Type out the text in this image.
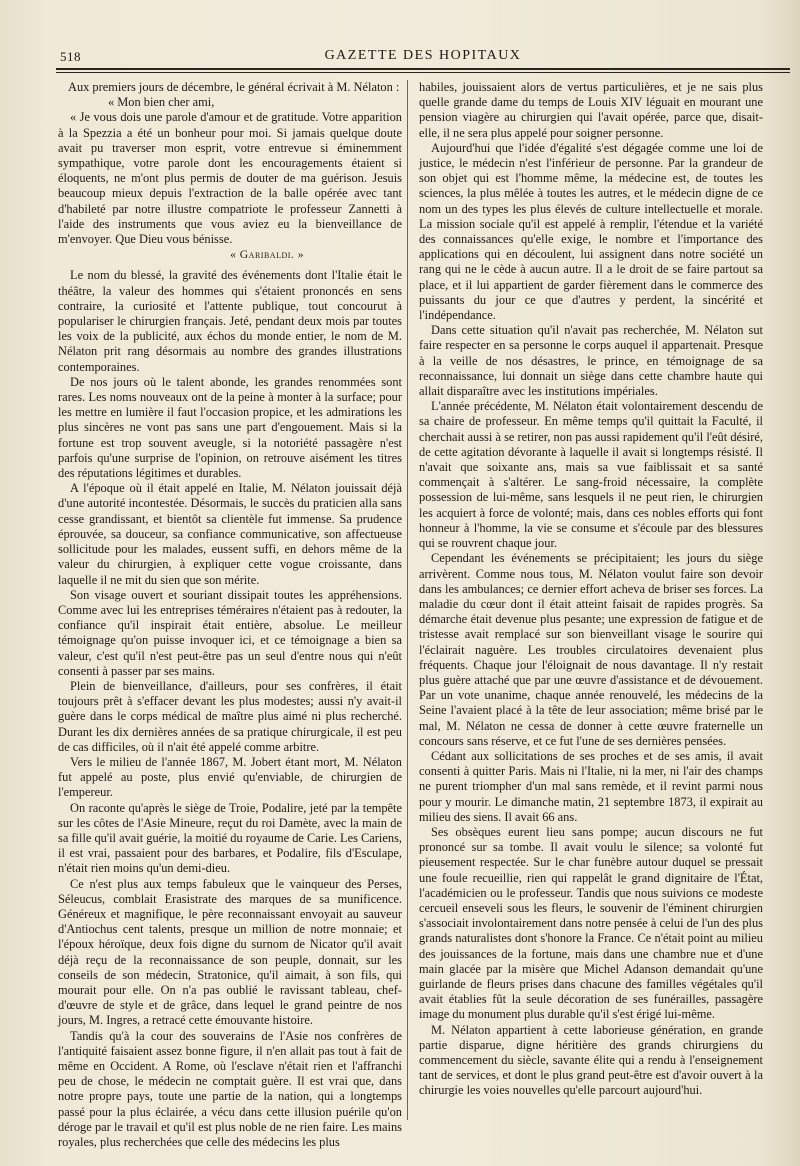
518	GAZETTE DES HOPITAUX

Aux premiers jours de décembre, le général écrivait à M. Nélaton :

« Mon bien cher ami,

« Je vous dois une parole d'amour et de gratitude. Votre apparition à la Spezzia a été un bonheur pour moi. Si jamais quelque doute avait pu traverser mon esprit, votre entrevue si éminemment sympathique, votre parole dont les encouragements étaient si éloquents, ne m'ont plus permis de douter de ma guérison. Jesuis beaucoup mieux depuis l'extraction de la balle opérée avec tant d'habileté par notre illustre compatriote le professeur Zannetti à l'aide des instruments que vous aviez eu la bienveillance de m'envoyer. Que Dieu vous bénisse.

« Garibaldi. »

Le nom du blessé, la gravité des événements dont l'Italie était le théâtre, la valeur des hommes qui s'étaient prononcés en sens contraire, la curiosité et l'attente publique, tout concourut à populariser le chirurgien français. Jeté, pendant deux mois par toutes les voix de la publicité, aux échos du monde entier, le nom de M. Nélaton prit rang désormais au nombre des grandes illustrations contemporaines.

De nos jours où le talent abonde, les grandes renommées sont rares. Les noms nouveaux ont de la peine à monter à la surface; pour les mettre en lumière il faut l'occasion propice, et les admirations les plus sincères ne vont pas sans une part d'engouement. Mais si la fortune est trop souvent aveugle, si la notoriété passagère n'est parfois qu'une surprise de l'opinion, on retrouve aisément les titres des réputations légitimes et durables.

A l'époque où il était appelé en Italie, M. Nélaton jouissait déjà d'une autorité incontestée. Désormais, le succès du praticien alla sans cesse grandissant, et bientôt sa clientèle fut immense. Sa prudence éprouvée, sa douceur, sa confiance communicative, son affectueuse sollicitude pour les malades, eussent suffi, en dehors même de la valeur du chirurgien, à expliquer cette vogue croissante, dans laquelle il ne mit du sien que son mérite.

Son visage ouvert et souriant dissipait toutes les appréhensions. Comme avec lui les entreprises téméraires n'étaient pas à redouter, la confiance qu'il inspirait était entière, absolue. Le meilleur témoignage qu'on puisse invoquer ici, et ce témoignage a bien sa valeur, c'est qu'il n'est peut-être pas un seul d'entre nous qui n'eût consenti à passer par ses mains.

Plein de bienveillance, d'ailleurs, pour ses confrères, il était toujours prêt à s'effacer devant les plus modestes; aussi n'y avait-il guère dans le corps médical de maître plus aimé ni plus recherché. Durant les dix dernières années de sa pratique chirurgicale, il est peu de cas difficiles, où il n'ait été appelé comme arbitre.

Vers le milieu de l'année 1867, M. Jobert étant mort, M. Nélaton fut appelé au poste, plus envié qu'enviable, de chirurgien de l'empereur.

On raconte qu'après le siège de Troie, Podalire, jeté par la tempête sur les côtes de l'Asie Mineure, reçut du roi Damète, avec la main de sa fille qu'il avait guérie, la moitié du royaume de Carie. Les Cariens, il est vrai, passaient pour des barbares, et Podalire, fils d'Esculape, n'était rien moins qu'un demi-dieu.

Ce n'est plus aux temps fabuleux que le vainqueur des Perses, Séleucus, comblait Erasistrate des marques de sa munificence. Généreux et magnifique, le père reconnaissant envoyait au sauveur d'Antiochus cent talents, presque un million de notre monnaie; et l'époux héroïque, deux fois digne du surnom de Nicator qu'il avait déjà reçu de la reconnaissance de son peuple, donnait, sur les conseils de son médecin, Stratonice, qu'il aimait, à son fils, qui mourait pour elle. On n'a pas oublié le ravissant tableau, chef-d'œuvre de style et de grâce, dans lequel le grand peintre de nos jours, M. Ingres, a retracé cette émouvante histoire.

Tandis qu'à la cour des souverains de l'Asie nos confrères de l'antiquité faisaient assez bonne figure, il n'en allait pas tout à fait de même en Occident. A Rome, où l'esclave n'était rien et l'affranchi peu de chose, le médecin ne comptait guère. Il est vrai que, dans notre propre pays, toute une partie de la nation, qui a longtemps passé pour la plus éclairée, a vécu dans cette illusion puérile qu'on déroge par le travail et qu'il est plus noble de ne rien faire. Les mains royales, plus recherchées que celle des médecins les plus

habiles, jouissaient alors de vertus particulières, et je ne sais plus quelle grande dame du temps de Louis XIV léguait en mourant une pension viagère au chirurgien qui l'avait opérée, parce que, disait-elle, il ne sera plus appelé pour soigner personne.

Aujourd'hui que l'idée d'égalité s'est dégagée comme une loi de justice, le médecin n'est l'inférieur de personne. Par la grandeur de son objet qui est l'homme même, la médecine est, de toutes les sciences, la plus mêlée à toutes les autres, et le médecin digne de ce nom un des types les plus élevés de culture intellectuelle et morale. La mission sociale qu'il est appelé à remplir, l'étendue et la variété des connaissances qu'elle exige, le nombre et l'importance des applications qui en découlent, lui assignent dans notre société un rang qui ne le cède à aucun autre. Il a le droit de se faire partout sa place, et il lui appartient de garder fièrement dans le commerce des puissants du jour ce que d'autres y perdent, la sincérité et l'indépendance.

Dans cette situation qu'il n'avait pas recherchée, M. Nélaton sut faire respecter en sa personne le corps auquel il appartenait. Presque à la veille de nos désastres, le prince, en témoignage de sa reconnaissance, lui donnait un siège dans cette chambre haute qui allait disparaître avec les institutions impériales.

L'année précédente, M. Nélaton était volontairement descendu de sa chaire de professeur. En même temps qu'il quittait la Faculté, il cherchait aussi à se retirer, non pas aussi rapidement qu'il l'eût désiré, de cette agitation dévorante à laquelle il avait si longtemps résisté. Il n'avait que soixante ans, mais sa vue faiblissait et sa santé commençait à s'altérer. Le sang-froid nécessaire, la complète possession de lui-même, sans lesquels il ne peut rien, le chirurgien les acquiert à force de volonté; mais, dans ces nobles efforts qui font honneur à l'homme, la vie se consume et s'écoule par des blessures qui se rouvrent chaque jour.

Cependant les événements se précipitaient; les jours du siège arrivèrent. Comme nous tous, M. Nélaton voulut faire son devoir dans les ambulances; ce dernier effort acheva de briser ses forces. La maladie du cœur dont il était atteint faisait de rapides progrès. Sa démarche était devenue plus pesante; une expression de fatigue et de tristesse avait remplacé sur son bienveillant visage le sourire qui l'éclairait naguère. Les troubles circulatoires devenaient plus fréquents. Chaque jour l'éloignait de nous davantage. Il n'y restait plus guère attaché que par une œuvre d'assistance et de dévouement. Par un vote unanime, chaque année renouvelé, les médecins de la Seine l'avaient placé à la tête de leur association; même brisé par le mal, M. Nélaton ne cessa de donner à cette œuvre fraternelle un concours sans réserve, et ce fut l'une de ses dernières pensées.

Cédant aux sollicitations de ses proches et de ses amis, il avait consenti à quitter Paris. Mais ni l'Italie, ni la mer, ni l'air des champs ne purent triompher d'un mal sans remède, et il revint parmi nous pour y mourir. Le dimanche matin, 21 septembre 1873, il expirait au milieu des siens. Il avait 66 ans.

Ses obsèques eurent lieu sans pompe; aucun discours ne fut prononcé sur sa tombe. Il avait voulu le silence; sa volonté fut pieusement respectée. Sur le char funèbre autour duquel se pressait une foule recueillie, rien qui rappelât le grand dignitaire de l'État, l'académicien ou le professeur. Tandis que nous suivions ce modeste cercueil enseveli sous les fleurs, le souvenir de l'éminent chirurgien s'associait involontairement dans notre pensée à celui de l'un des plus grands naturalistes dont s'honore la France. Ce n'était point au milieu des jouissances de la fortune, mais dans une chambre nue et d'une main glacée par la misère que Michel Adanson demandait qu'une guirlande de fleurs prises dans chacune des familles végétales qu'il avait établies fût la seule décoration de ses funérailles, passagère image du monument plus durable qu'il s'est érigé lui-même.

M. Nélaton appartient à cette laborieuse génération, en grande partie disparue, digne héritière des grands chirurgiens du commencement du siècle, savante élite qui a rendu à l'enseignement tant de services, et dont le plus grand peut-être est d'avoir ouvert à la chirurgie les voies nouvelles qu'elle parcourt aujourd'hui.
